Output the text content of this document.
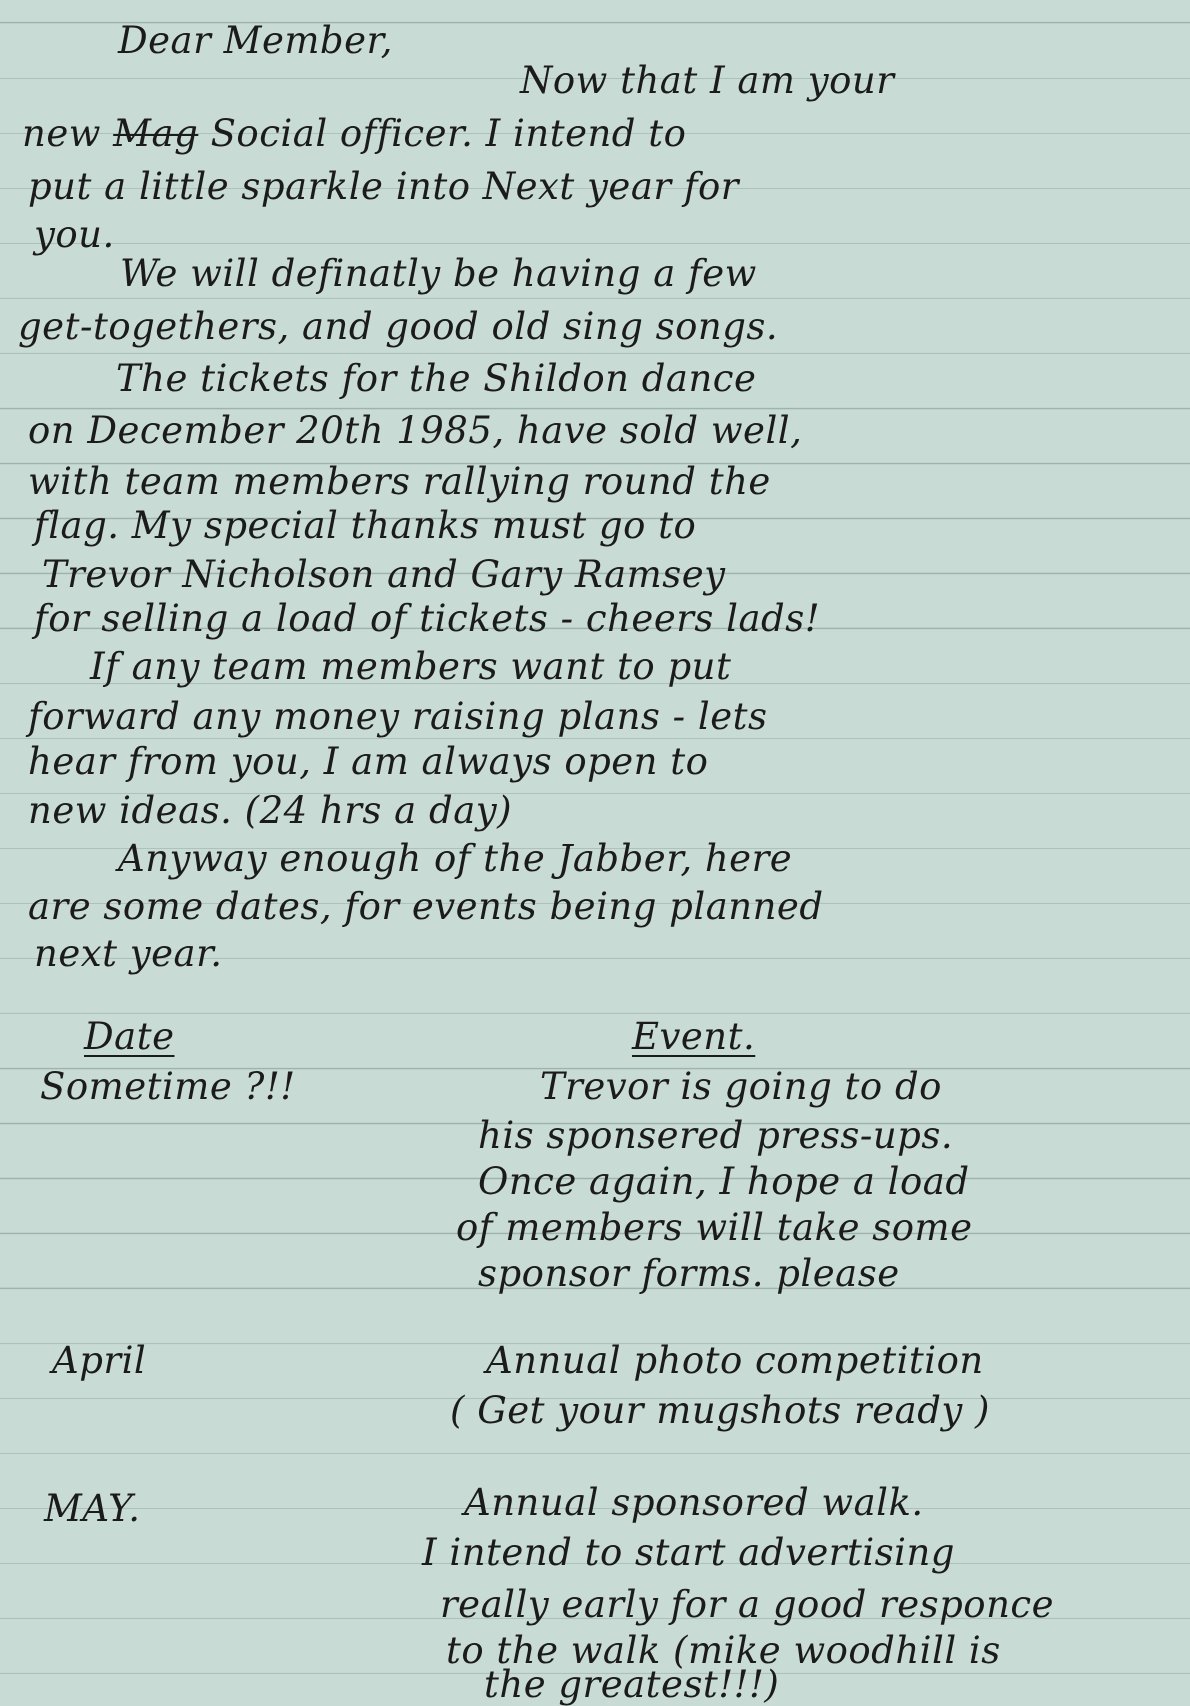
Dear Member,
Now that I am your
new Mag Social officer. I intend to
put a little sparkle into Next year for
you.
We will definatly be having a few
get-togethers, and good old sing songs.
The tickets for the Shildon dance
on December 20th 1985, have sold well,
with team members rallying round the
flag. My special thanks must go to
Trevor Nicholson and Gary Ramsey
for selling a load of tickets - cheers lads!
If any team members want to put
forward any money raising plans - lets
hear from you, I am always open to
new ideas. (24 hrs a day)
Anyway enough of the Jabber, here
are some dates, for events being planned
next year.
Date	Event.
Sometime ?!!	Trevor is going to do
his sponsered press-ups.
Once again, I hope a load
of members will take some
sponsor forms. please
April	Annual photo competition
( Get your mugshots ready )
MAY.	Annual sponsored walk.
I intend to start advertising
really early for a good responce
to the walk (mike woodhill is
the greatest!!!)
